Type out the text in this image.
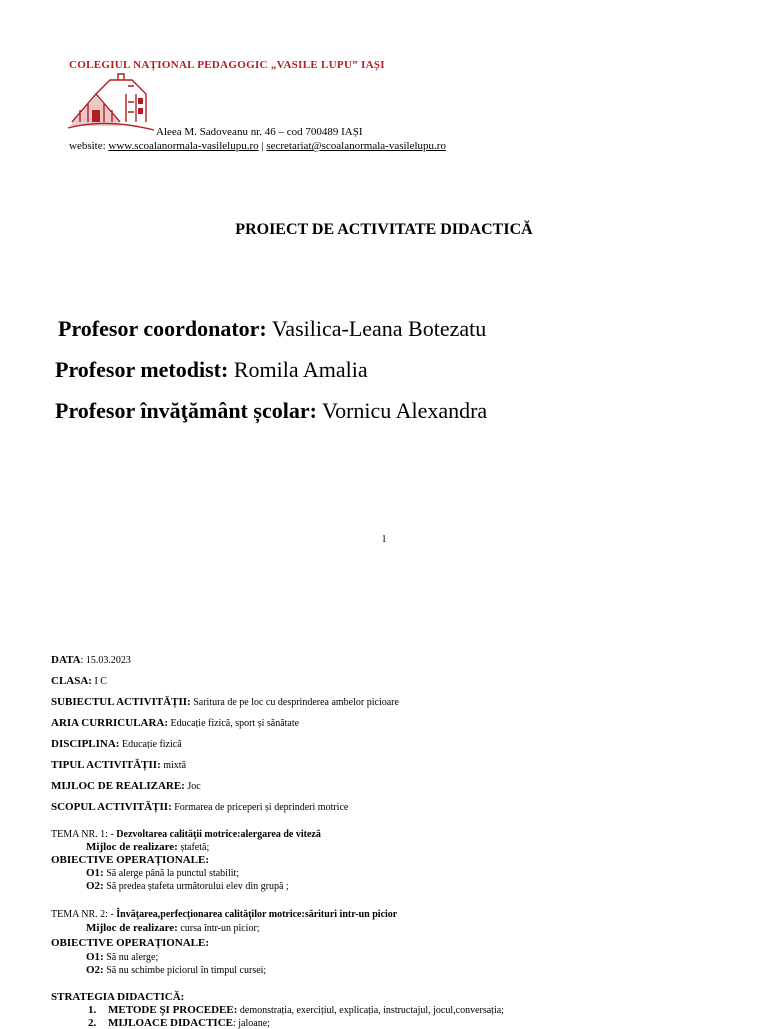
COLEGIUL NAȚIONAL PEDAGOGIC „VASILE LUPU” IAȘI
Aleea M. Sadoveanu nr. 46 – cod 700489 IAȘI
website: www.scoalanormala-vasilelupu.ro | secretariat@scoalanormala-vasilelupu.ro
PROIECT DE ACTIVITATE DIDACTICĂ
Profesor coordonator: Vasilica-Leana Botezatu
Profesor metodist: Romila Amalia
Profesor învăţământ școlar: Vornicu Alexandra
1
DATA: 15.03.2023
CLASA: I C
SUBIECTUL ACTIVITĂȚII: Saritura de pe loc cu desprinderea ambelor picioare
ARIA CURRICULARA: Educație fizică, sport și sănătate
DISCIPLINA: Educație fizică
TIPUL ACTIVITĂȚII: mixtă
MIJLOC DE REALIZARE: Joc
SCOPUL ACTIVITĂȚII: Formarea de priceperi și deprinderi motrice
TEMA NR. 1: - Dezvoltarea calităţii motrice:alergarea de viteză
Mijloc de realizare: ștafetă;
OBIECTIVE OPERAȚIONALE:
O1: Să alerge până la punctul stabilit;
O2: Să predea ștafeta următorului elev din grupă ;
TEMA NR. 2: - Învăţarea,perfecționarea calităţilor motrice:sărituri intr-un picior
Mijloc de realizare: cursa într-un picior;
OBIECTIVE OPERAȚIONALE:
O1: Să nu alerge;
O2: Să nu schimbe piciorul în timpul cursei;
STRATEGIA DIDACTICĂ:
1. METODE ŞI PROCEDEE: demonstrația, exercițiul, explicația, instructajul, jocul,conversația;
2. MIJLOACE DIDACTICE: jaloane;
